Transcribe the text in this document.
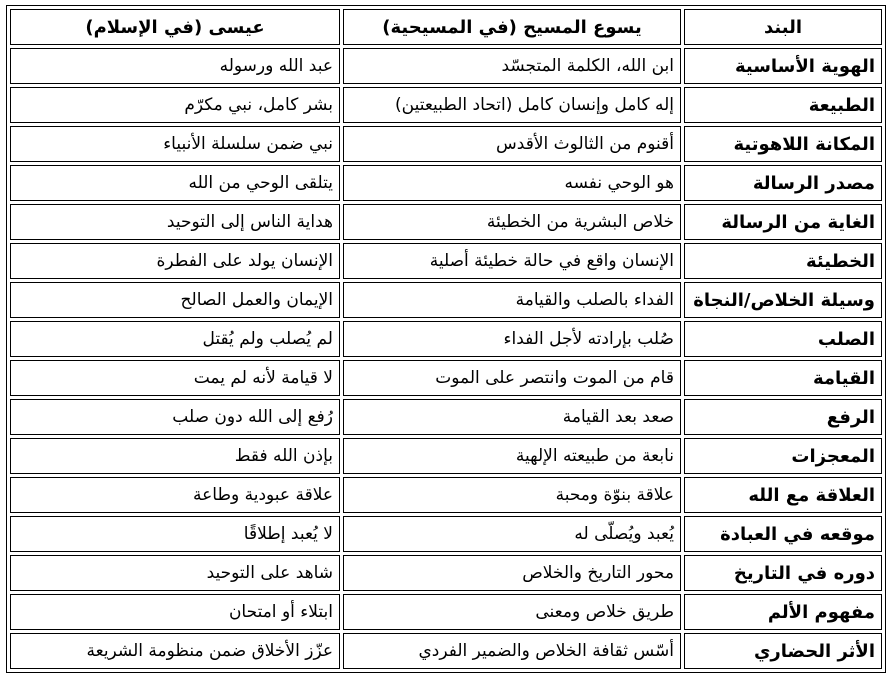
البند	يسوع المسيح (في المسيحية)	عيسى (في الإسلام)
الهوية الأساسية	ابن الله، الكلمة المتجسّد	عبد الله ورسوله
الطبيعة	إله كامل وإنسان كامل (اتحاد الطبيعتين)	بشر كامل، نبي مكرّم
المكانة اللاهوتية	أقنوم من الثالوث الأقدس	نبي ضمن سلسلة الأنبياء
مصدر الرسالة	هو الوحي نفسه	يتلقى الوحي من الله
الغاية من الرسالة	خلاص البشرية من الخطيئة	هداية الناس إلى التوحيد
الخطيئة	الإنسان واقع في حالة خطيئة أصلية	الإنسان يولد على الفطرة
وسيلة الخلاص/النجاة	الفداء بالصلب والقيامة	الإيمان والعمل الصالح
الصلب	صُلب بإرادته لأجل الفداء	لم يُصلب ولم يُقتل
القيامة	قام من الموت وانتصر على الموت	لا قيامة لأنه لم يمت
الرفع	صعد بعد القيامة	رُفع إلى الله دون صلب
المعجزات	نابعة من طبيعته الإلهية	بإذن الله فقط
العلاقة مع الله	علاقة بنوّة ومحبة	علاقة عبودية وطاعة
موقعه في العبادة	يُعبد ويُصلّى له	لا يُعبد إطلاقًا
دوره في التاريخ	محور التاريخ والخلاص	شاهد على التوحيد
مفهوم الألم	طريق خلاص ومعنى	ابتلاء أو امتحان
الأثر الحضاري	أسّس ثقافة الخلاص والضمير الفردي	عزّز الأخلاق ضمن منظومة الشريعة
